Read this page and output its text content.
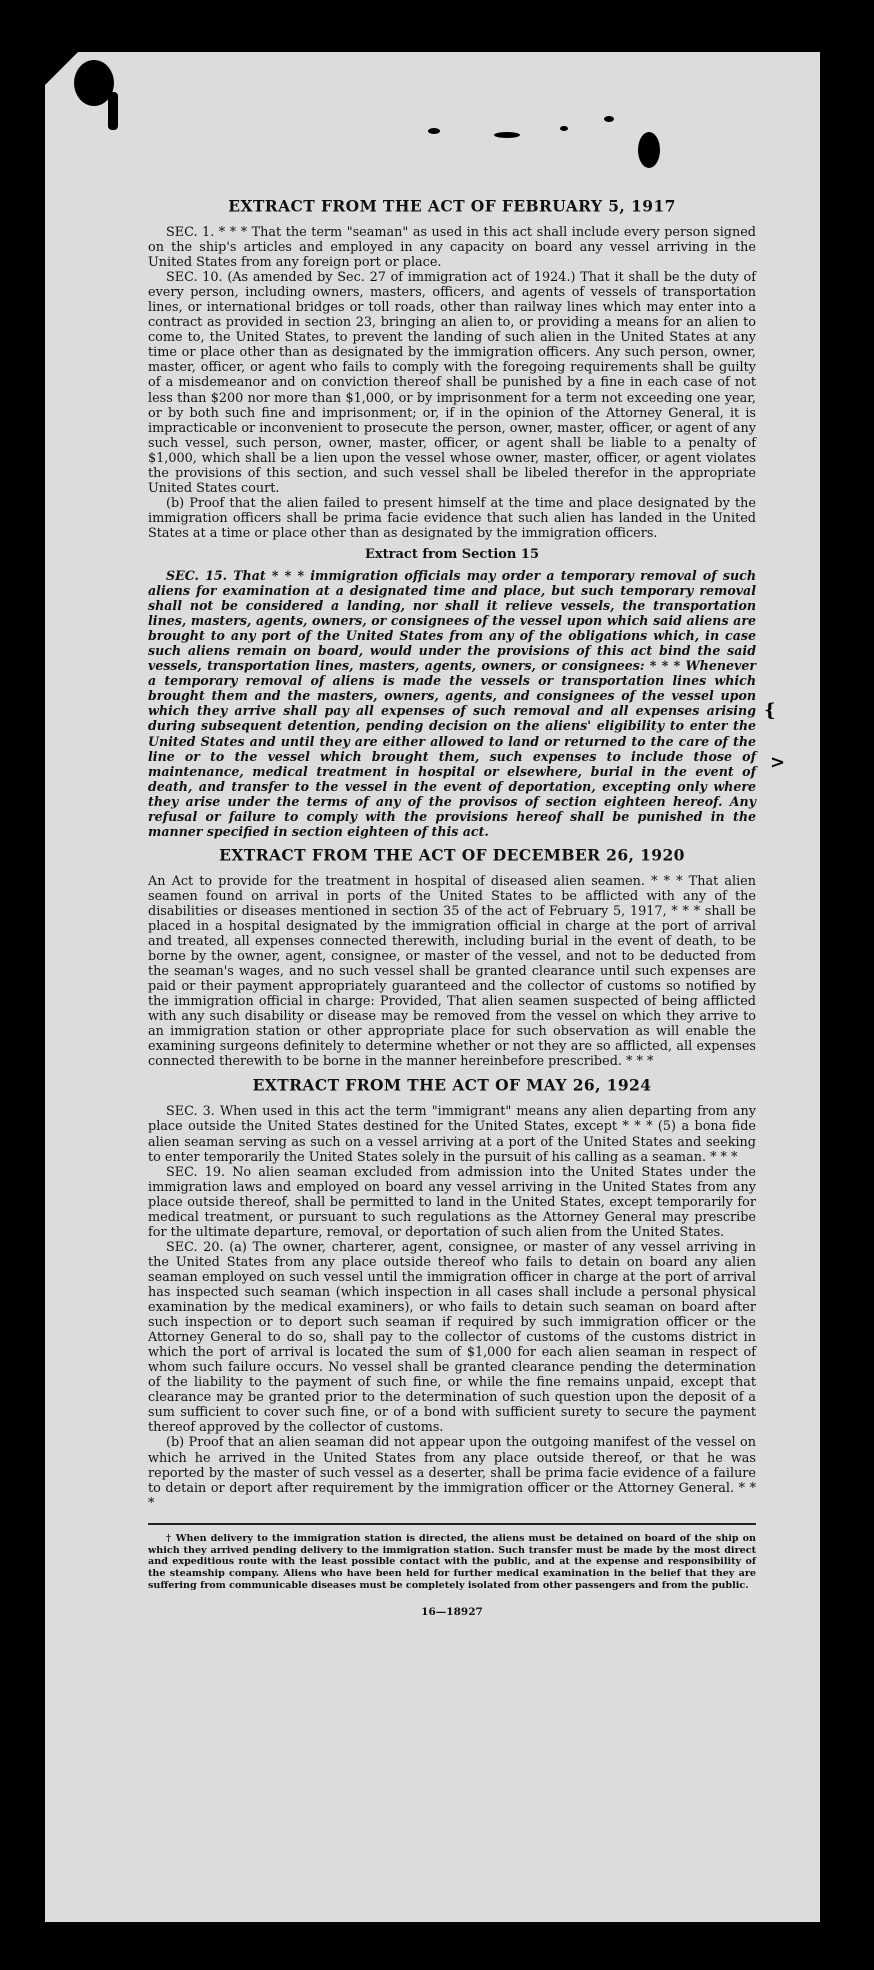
{
>
EXTRACT FROM THE ACT OF FEBRUARY 5, 1917

SEC. 1. * * * That the term "seaman" as used in this act shall include every person signed on the ship's articles and employed in any capacity on board any vessel arriving in the United States from any foreign port or place.

SEC. 10. (As amended by Sec. 27 of immigration act of 1924.) That it shall be the duty of every person, including owners, masters, officers, and agents of vessels of transportation lines, or international bridges or toll roads, other than railway lines which may enter into a contract as provided in section 23, bringing an alien to, or providing a means for an alien to come to, the United States, to prevent the landing of such alien in the United States at any time or place other than as designated by the immigration officers. Any such person, owner, master, officer, or agent who fails to comply with the foregoing requirements shall be guilty of a misdemeanor and on conviction thereof shall be punished by a fine in each case of not less than $200 nor more than $1,000, or by imprisonment for a term not exceeding one year, or by both such fine and imprisonment; or, if in the opinion of the Attorney General, it is impracticable or inconvenient to prosecute the person, owner, master, officer, or agent of any such vessel, such person, owner, master, officer, or agent shall be liable to a penalty of $1,000, which shall be a lien upon the vessel whose owner, master, officer, or agent violates the provisions of this section, and such vessel shall be libeled therefor in the appropriate United States court.

(b) Proof that the alien failed to present himself at the time and place designated by the immigration officers shall be prima facie evidence that such alien has landed in the United States at a time or place other than as designated by the immigration officers.

Extract from Section 15

SEC. 15. That * * * immigration officials may order a temporary removal of such aliens for examination at a designated time and place, but such temporary removal shall not be considered a landing, nor shall it relieve vessels, the transportation lines, masters, agents, owners, or consignees of the vessel upon which said aliens are brought to any port of the United States from any of the obligations which, in case such aliens remain on board, would under the provisions of this act bind the said vessels, transportation lines, masters, agents, owners, or consignees: * * * Whenever a temporary removal of aliens is made the vessels or transportation lines which brought them and the masters, owners, agents, and consignees of the vessel upon which they arrive shall pay all expenses of such removal and all expenses arising during subsequent detention, pending decision on the aliens' eligibility to enter the United States and until they are either allowed to land or returned to the care of the line or to the vessel which brought them, such expenses to include those of maintenance, medical treatment in hospital or elsewhere, burial in the event of death, and transfer to the vessel in the event of deportation, excepting only where they arise under the terms of any of the provisos of section eighteen hereof. Any refusal or failure to comply with the provisions hereof shall be punished in the manner specified in section eighteen of this act.

EXTRACT FROM THE ACT OF DECEMBER 26, 1920

An Act to provide for the treatment in hospital of diseased alien seamen. * * * That alien seamen found on arrival in ports of the United States to be afflicted with any of the disabilities or diseases mentioned in section 35 of the act of February 5, 1917, * * * shall be placed in a hospital designated by the immigration official in charge at the port of arrival and treated, all expenses connected therewith, including burial in the event of death, to be borne by the owner, agent, consignee, or master of the vessel, and not to be deducted from the seaman's wages, and no such vessel shall be granted clearance until such expenses are paid or their payment appropriately guaranteed and the collector of customs so notified by the immigration official in charge: Provided, That alien seamen suspected of being afflicted with any such disability or disease may be removed from the vessel on which they arrive to an immigration station or other appropriate place for such observation as will enable the examining surgeons definitely to determine whether or not they are so afflicted, all expenses connected therewith to be borne in the manner hereinbefore prescribed. * * *

EXTRACT FROM THE ACT OF MAY 26, 1924

SEC. 3. When used in this act the term "immigrant" means any alien departing from any place outside the United States destined for the United States, except * * * (5) a bona fide alien seaman serving as such on a vessel arriving at a port of the United States and seeking to enter temporarily the United States solely in the pursuit of his calling as a seaman. * * *

SEC. 19. No alien seaman excluded from admission into the United States under the immigration laws and employed on board any vessel arriving in the United States from any place outside thereof, shall be permitted to land in the United States, except temporarily for medical treatment, or pursuant to such regulations as the Attorney General may prescribe for the ultimate departure, removal, or deportation of such alien from the United States.

SEC. 20. (a) The owner, charterer, agent, consignee, or master of any vessel arriving in the United States from any place outside thereof who fails to detain on board any alien seaman employed on such vessel until the immigration officer in charge at the port of arrival has inspected such seaman (which inspection in all cases shall include a personal physical examination by the medical examiners), or who fails to detain such seaman on board after such inspection or to deport such seaman if required by such immigration officer or the Attorney General to do so, shall pay to the collector of customs of the customs district in which the port of arrival is located the sum of $1,000 for each alien seaman in respect of whom such failure occurs. No vessel shall be granted clearance pending the determination of the liability to the payment of such fine, or while the fine remains unpaid, except that clearance may be granted prior to the determination of such question upon the deposit of a sum sufficient to cover such fine, or of a bond with sufficient surety to secure the payment thereof approved by the collector of customs.

(b) Proof that an alien seaman did not appear upon the outgoing manifest of the vessel on which he arrived in the United States from any place outside thereof, or that he was reported by the master of such vessel as a deserter, shall be prima facie evidence of a failure to detain or deport after requirement by the immigration officer or the Attorney General. * * *

† When delivery to the immigration station is directed, the aliens must be detained on board of the ship on which they arrived pending delivery to the immigration station. Such transfer must be made by the most direct and expeditious route with the least possible contact with the public, and at the expense and responsibility of the steamship company. Aliens who have been held for further medical examination in the belief that they are suffering from communicable diseases must be completely isolated from other passengers and from the public.

16—18927
